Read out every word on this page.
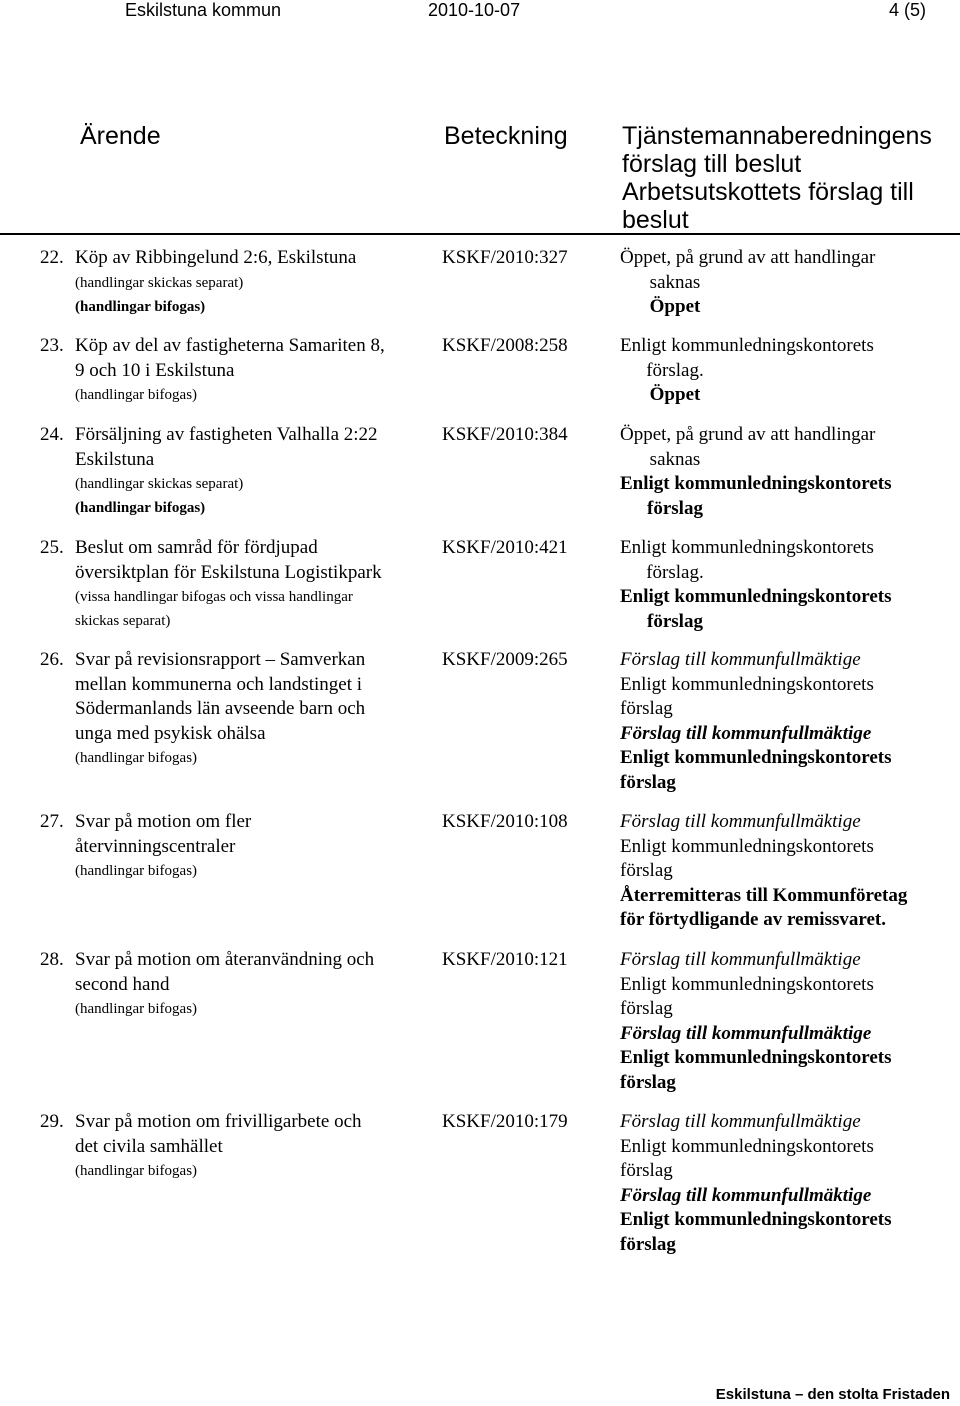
Eskilstuna kommun	2010-10-07	4 (5)
Ärende	Beteckning Tjänstemannaberedningens
förslag till beslut
Arbetsutskottets förslag till
beslut
22. Köp av Ribbingelund 2:6, Eskilstuna
(handlingar skickas separat)
(handlingar bifogas)
KSKF/2010:327	Öppet, på grund av att handlingar
saknas
Öppet
23. Köp av del av fastigheterna Samariten 8,
9 och 10 i Eskilstuna
(handlingar bifogas)
KSKF/2008:258	Enligt kommunledningskontorets
förslag.
Öppet
24. Försäljning av fastigheten Valhalla 2:22
Eskilstuna
(handlingar skickas separat)
(handlingar bifogas)
KSKF/2010:384	Öppet, på grund av att handlingar
saknas
Enligt kommunledningskontorets
förslag
25. Beslut om samråd för fördjupad
översiktplan för Eskilstuna Logistikpark
(vissa handlingar bifogas och vissa handlingar
skickas separat)
KSKF/2010:421	Enligt kommunledningskontorets
förslag.
Enligt kommunledningskontorets
förslag
26. Svar på revisionsrapport – Samverkan
mellan kommunerna och landstinget i
Södermanlands län avseende barn och
unga med psykisk ohälsa
(handlingar bifogas)
KSKF/2009:265	Förslag till kommunfullmäktige
Enligt kommunledningskontorets
förslag
Förslag till kommunfullmäktige
Enligt kommunledningskontorets
förslag
27. Svar på motion om fler
återvinningscentraler
(handlingar bifogas)
KSKF/2010:108	Förslag till kommunfullmäktige
Enligt kommunledningskontorets
förslag
Återremitteras till Kommunföretag
för förtydligande av remissvaret.
28. Svar på motion om återanvändning och
second hand
(handlingar bifogas)
KSKF/2010:121	Förslag till kommunfullmäktige
Enligt kommunledningskontorets
förslag
Förslag till kommunfullmäktige
Enligt kommunledningskontorets
förslag
29. Svar på motion om frivilligarbete och
det civila samhället
(handlingar bifogas)
KSKF/2010:179	Förslag till kommunfullmäktige
Enligt kommunledningskontorets
förslag
Förslag till kommunfullmäktige
Enligt kommunledningskontorets
förslag
Eskilstuna – den stolta Fristaden
